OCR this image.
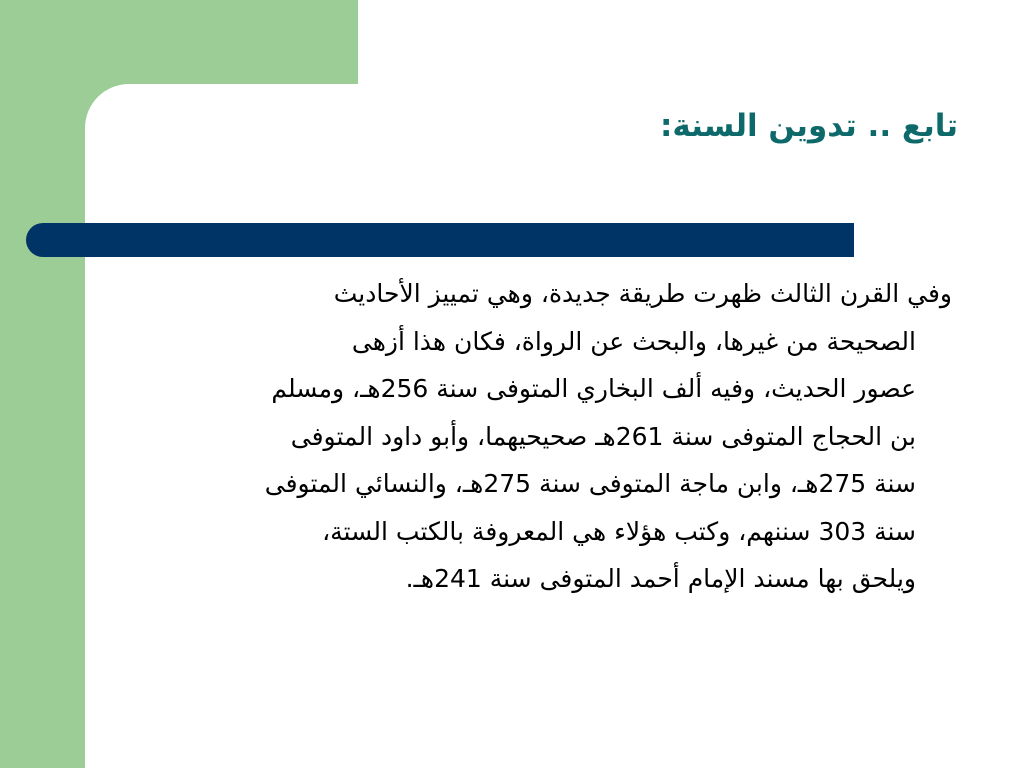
تابع .. تدوين السنة:
وفي القرن الثالث ظهرت طريقة جديدة، وهي تمييز الأحاديث
الصحيحة من غيرها، والبحث عن الرواة، فكان هذا أزهى
عصور الحديث، وفيه ألف البخاري المتوفى سنة 256هـ، ومسلم
بن الحجاج المتوفى سنة 261هـ صحيحيهما، وأبو داود المتوفى
سنة 275هـ، وابن ماجة المتوفى سنة 275هـ، والنسائي المتوفى
سنة 303 سننهم، وكتب هؤلاء هي المعروفة بالكتب الستة،
ويلحق بها مسند الإمام أحمد المتوفى سنة 241هـ.
